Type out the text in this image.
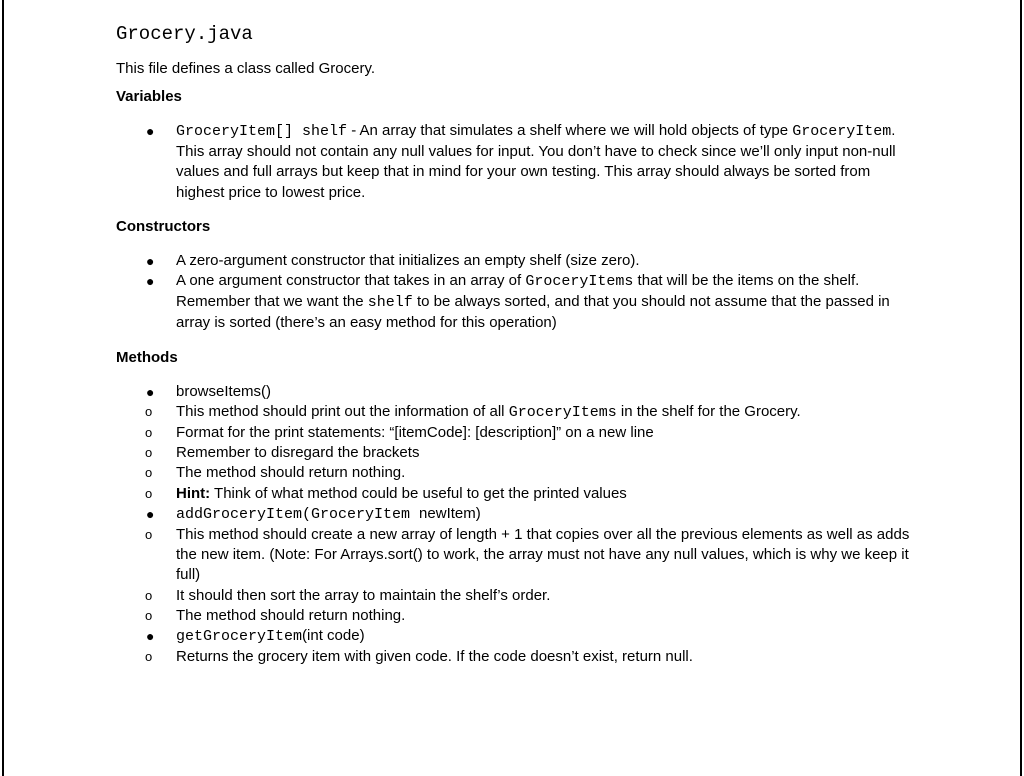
Grocery.java
This file defines a class called Grocery.
Variables
● GroceryItem[] shelf - An array that simulates a shelf where we will hold objects of type GroceryItem. This array should not contain any null values for input. You don’t have to check since we’ll only input non-null values and full arrays but keep that in mind for your own testing. This array should always be sorted from highest price to lowest price.
Constructors
● A zero-argument constructor that initializes an empty shelf (size zero).
● A one argument constructor that takes in an array of GroceryItems that will be the items on the shelf. Remember that we want the shelf to be always sorted, and that you should not assume that the passed in array is sorted (there’s an easy method for this operation)
Methods
● browseItems()
o This method should print out the information of all GroceryItems in the shelf for the Grocery.
o Format for the print statements: “[itemCode]: [description]” on a new line
o Remember to disregard the brackets
o The method should return nothing.
o Hint: Think of what method could be useful to get the printed values
● addGroceryItem(GroceryItem newItem)
o This method should create a new array of length + 1 that copies over all the previous elements as well as adds the new item. (Note: For Arrays.sort() to work, the array must not have any null values, which is why we keep it full)
o It should then sort the array to maintain the shelf’s order.
o The method should return nothing.
● getGroceryItem(int code)
o Returns the grocery item with given code. If the code doesn’t exist, return null.
